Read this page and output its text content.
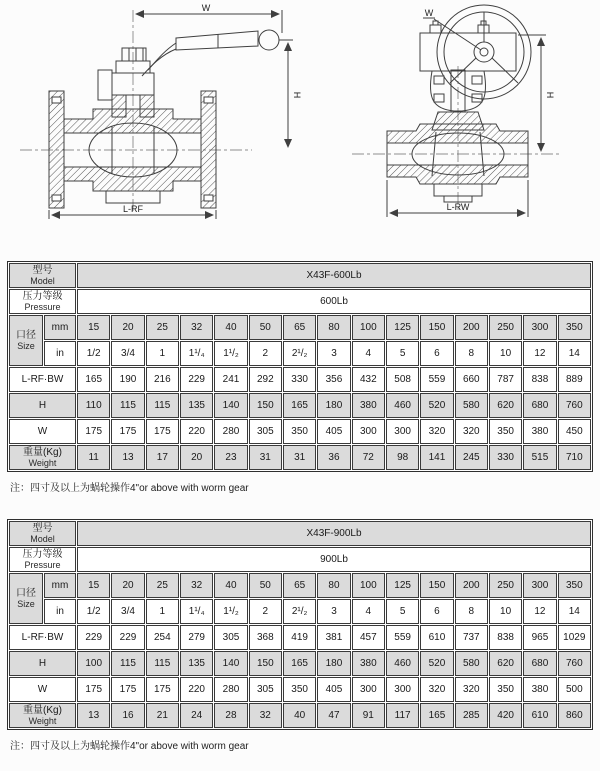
W
H
L-RF
W
H
L-RW
型号
Model		X43F-600Lb														

压力等级
Pressure		600Lb														

口径
Size	mm	15	20	25	32	40	50	65	80	100	125	150	200	250	300	350
	in	1/2	3/4	1	1¹/₄	1¹/₂	2	2¹/₂	3	4	5	6	8	10	12	14
L-RF·BW		165	190	216	229	241	292	330	356	432	508	559	660	787	838	889
H		110	115	115	135	140	150	165	180	380	460	520	580	620	680	760
W		175	175	175	220	280	305	350	405	300	300	320	320	350	380	450

重量(Kg)
Weight		11	13	17	20	23	31	31	36	72	98	141	245	330	515	710
注：四寸及以上为蜗轮操作4"or above with worm gear
型号
Model		X43F-900Lb														

压力等级
Pressure		900Lb														

口径
Size	mm	15	20	25	32	40	50	65	80	100	125	150	200	250	300	350
	in	1/2	3/4	1	1¹/₄	1¹/₂	2	2¹/₂	3	4	5	6	8	10	12	14
L-RF·BW		229	229	254	279	305	368	419	381	457	559	610	737	838	965	1029
H		100	115	115	135	140	150	165	180	380	460	520	580	620	680	760
W		175	175	175	220	280	305	350	405	300	300	320	320	350	380	500

重量(Kg)
Weight		13	16	21	24	28	32	40	47	91	117	165	285	420	610	860
注：四寸及以上为蜗轮操作4"or above with worm gear
